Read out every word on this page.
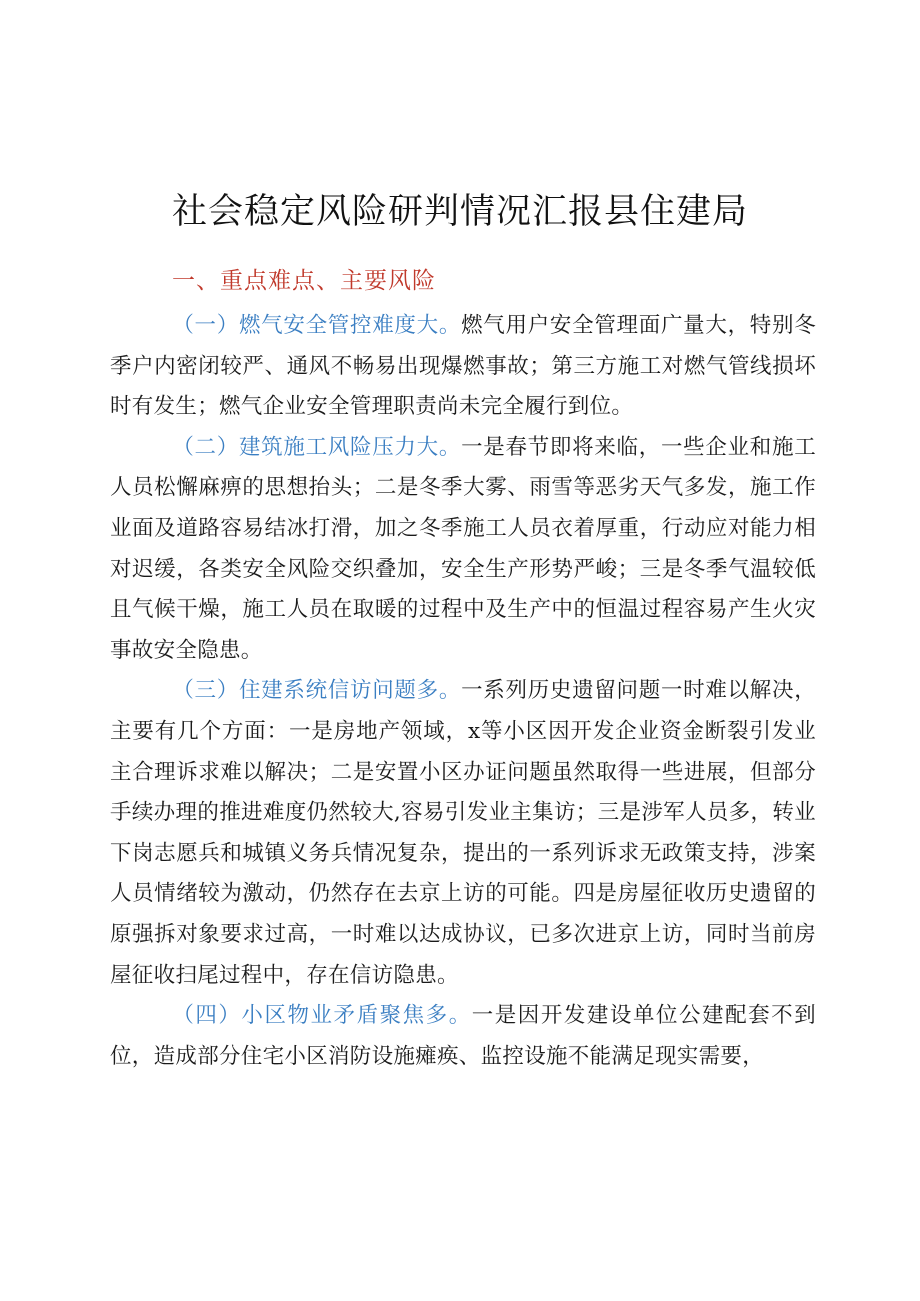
社会稳定风险研判情况汇报县住建局
一、重点难点、主要风险

（一）燃气安全管控难度大。燃气用户安全管理面广量大，特别冬季户内密闭较严、通风不畅易出现爆燃事故；第三方施工对燃气管线损坏时有发生；燃气企业安全管理职责尚未完全履行到位。

（二）建筑施工风险压力大。一是春节即将来临，一些企业和施工人员松懈麻痹的思想抬头；二是冬季大雾、雨雪等恶劣天气多发，施工作业面及道路容易结冰打滑，加之冬季施工人员衣着厚重，行动应对能力相对迟缓，各类安全风险交织叠加，安全生产形势严峻；三是冬季气温较低且气候干燥，施工人员在取暖的过程中及生产中的恒温过程容易产生火灾事故安全隐患。

（三）住建系统信访问题多。一系列历史遗留问题一时难以解决，主要有几个方面：一是房地产领域，x等小区因开发企业资金断裂引发业主合理诉求难以解决；二是安置小区办证问题虽然取得一些进展，但部分手续办理的推进难度仍然较大,容易引发业主集访；三是涉军人员多，转业下岗志愿兵和城镇义务兵情况复杂，提出的一系列诉求无政策支持，涉案人员情绪较为激动，仍然存在去京上访的可能。四是房屋征收历史遗留的原强拆对象要求过高，一时难以达成协议，已多次进京上访，同时当前房屋征收扫尾过程中，存在信访隐患。

（四）小区物业矛盾聚焦多。一是因开发建设单位公建配套不到位，造成部分住宅小区消防设施瘫痪、监控设施不能满足现实需要，
